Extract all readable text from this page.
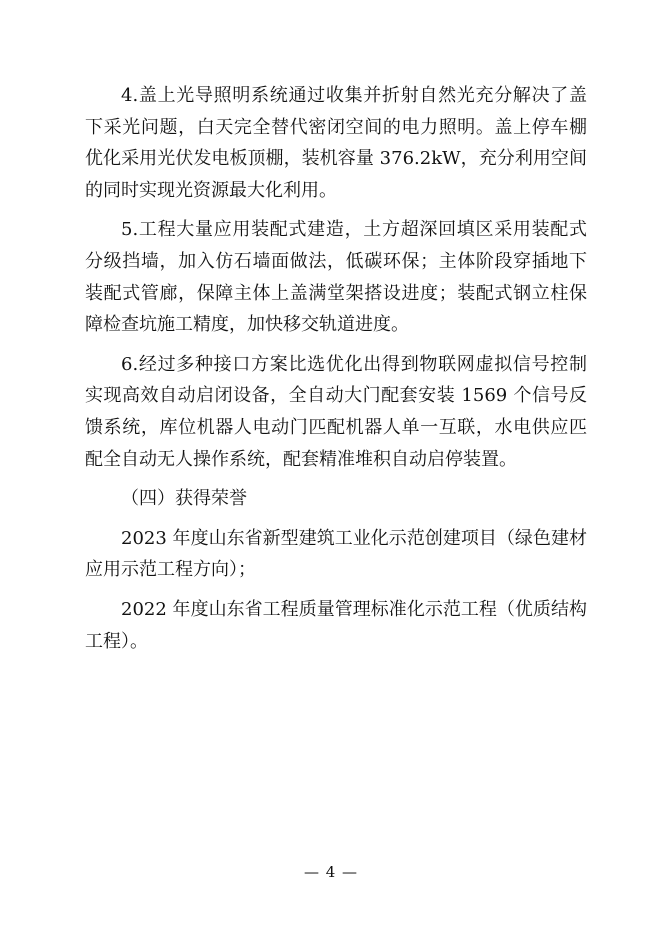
4.盖上光导照明系统通过收集并折射自然光充分解决了盖下采光问题，白天完全替代密闭空间的电力照明。盖上停车棚优化采用光伏发电板顶棚，装机容量 376.2kW，充分利用空间的同时实现光资源最大化利用。

5.工程大量应用装配式建造，土方超深回填区采用装配式分级挡墙，加入仿石墙面做法，低碳环保；主体阶段穿插地下装配式管廊，保障主体上盖满堂架搭设进度；装配式钢立柱保障检查坑施工精度，加快移交轨道进度。

6.经过多种接口方案比选优化出得到物联网虚拟信号控制实现高效自动启闭设备，全自动大门配套安装 1569 个信号反馈系统，库位机器人电动门匹配机器人单一互联，水电供应匹配全自动无人操作系统，配套精准堆积自动启停装置。

（四）获得荣誉

2023 年度山东省新型建筑工业化示范创建项目（绿色建材应用示范工程方向）；

2022 年度山东省工程质量管理标准化示范工程（优质结构工程）。

— 4 —
